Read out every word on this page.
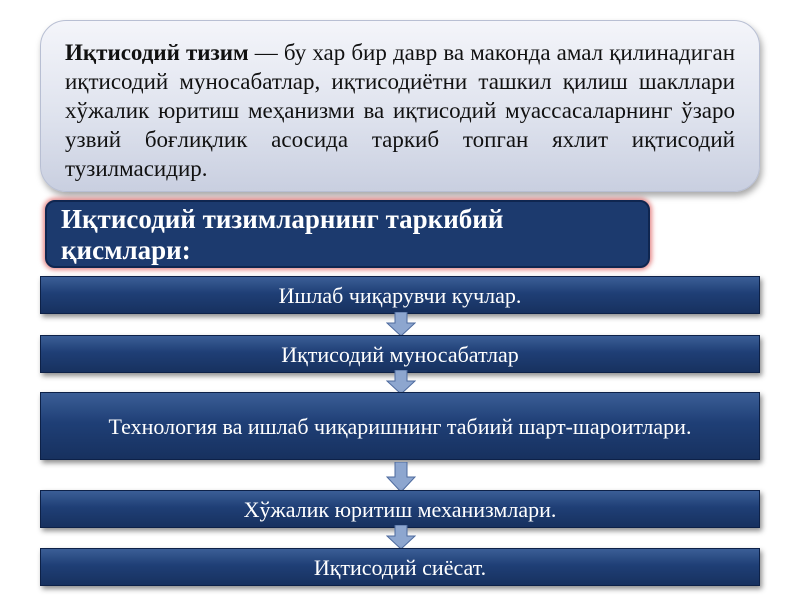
Иқтисодий тизим — бу хар бир давр ва маконда амал қилинадиган иқтисодий муносабатлар, иқтисодиётни ташкил қилиш шакллари хўжалик юритиш меҳанизми ва иқтисодий муассасаларнинг ўзаро узвий боғлиқлик асосида таркиб топган яхлит иқтисодий тузилмасидир.
Иқтисодий тизимларнинг таркибий қисмлари:
Ишлаб чиқарувчи кучлар.
Иқтисодий муносабатлар
Технология ва ишлаб чиқаришнинг табиий шарт-шароитлари.
Хўжалик юритиш механизмлари.
Иқтисодий сиёсат.
